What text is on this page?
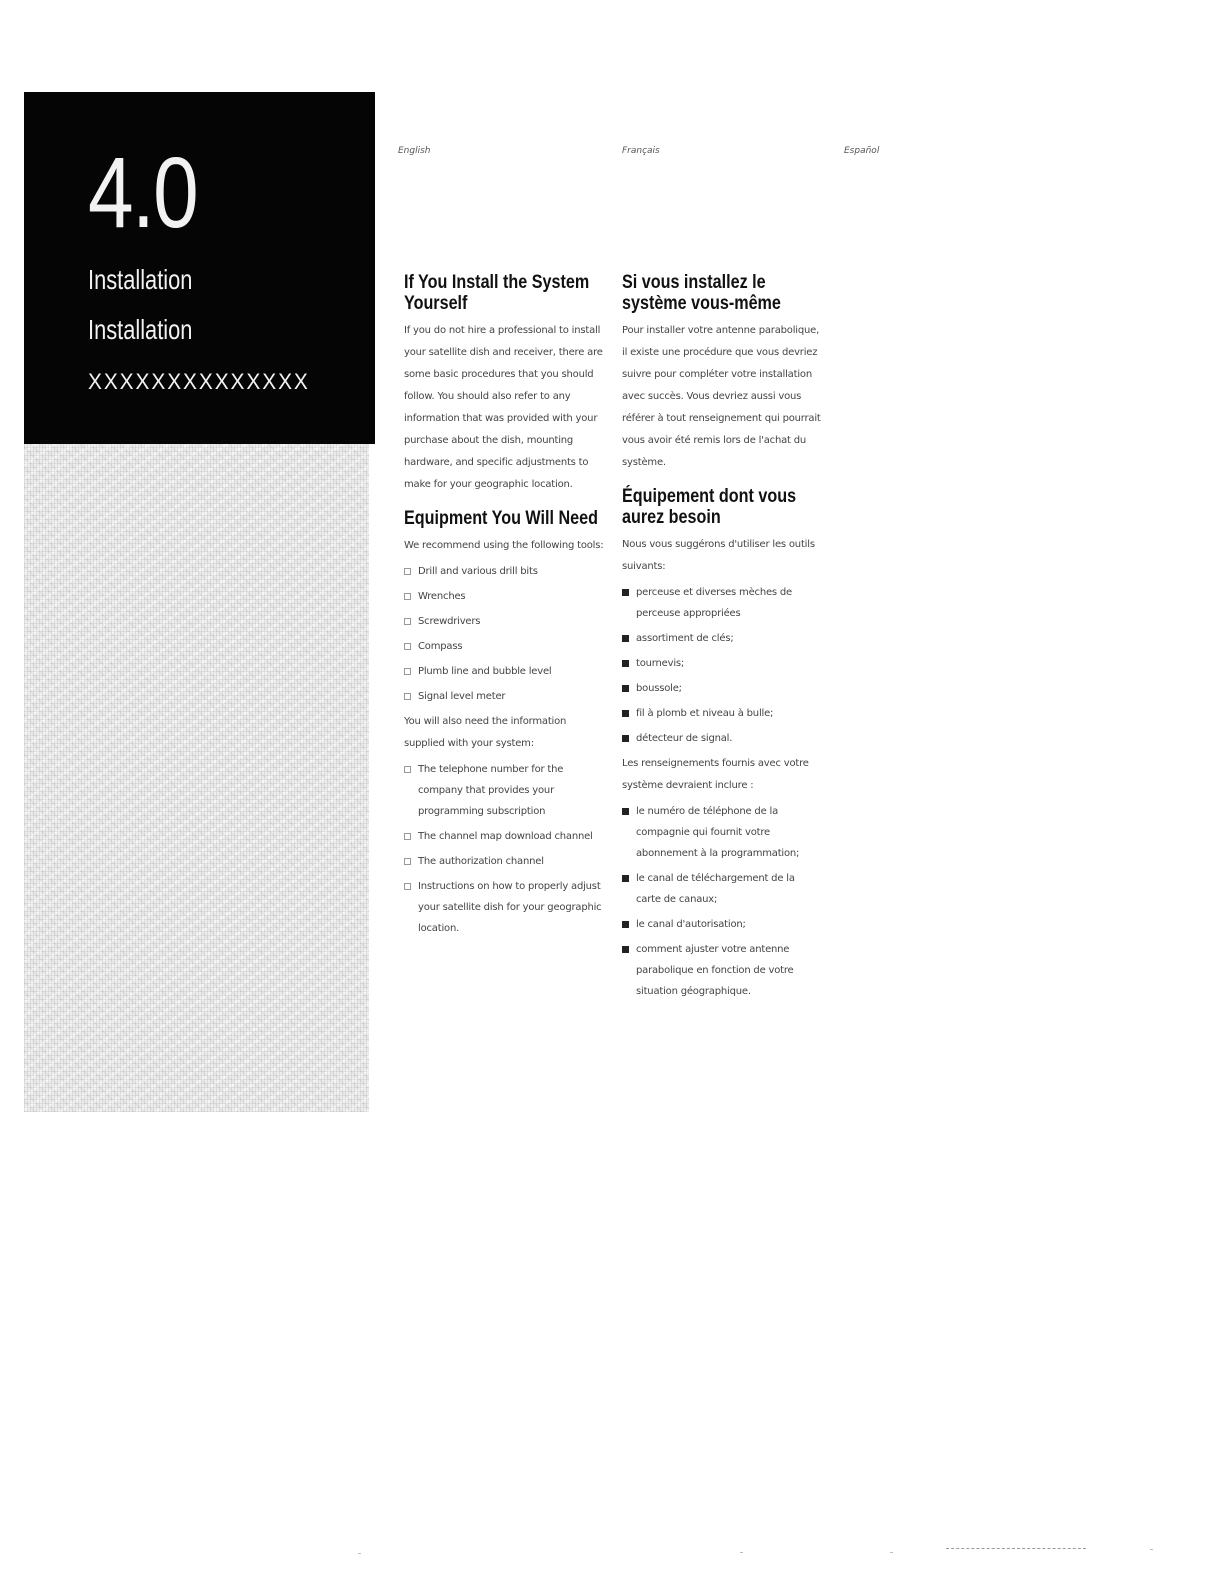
4.0
Installation
Installation
XXXXXXXXXXXXXX
English	Français	Español
If You Install the System Yourself

If you do not hire a professional to install your satellite dish and receiver, there are some basic procedures that you should follow. You should also refer to any information that was provided with your purchase about the dish, mounting hardware, and specific adjustments to make for your geographic location.

Equipment You Will Need

We recommend using the following tools:

Drill and various drill bits
Wrenches
Screwdrivers
Compass
Plumb line and bubble level
Signal level meter

You will also need the information supplied with your system:

The telephone number for the company that provides your programming subscription
The channel map download channel
The authorization channel
Instructions on how to properly adjust your satellite dish for your geographic location.
Si vous installez le système vous-même

Pour installer votre antenne parabolique, il existe une procédure que vous devriez suivre pour compléter votre installation avec succès. Vous devriez aussi vous référer à tout renseignement qui pourrait vous avoir été remis lors de l'achat du système.

Équipement dont vous aurez besoin

Nous vous suggérons d'utiliser les outils suivants:

perceuse et diverses mèches de perceuse appropriées
assortiment de clés;
tournevis;
boussole;
fil à plomb et niveau à bulle;
détecteur de signal.

Les renseignements fournis avec votre système devraient inclure :

le numéro de téléphone de la compagnie qui fournit votre abonnement à la programmation;
le canal de téléchargement de la carte de canaux;
le canal d'autorisation;
comment ajuster votre antenne parabolique en fonction de votre situation géographique.
